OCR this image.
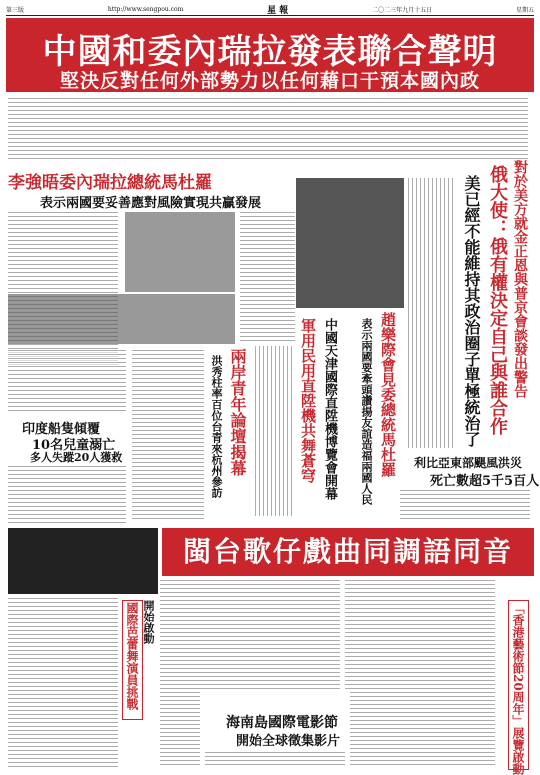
第三版	http://www.sengpou.com	星 報	二〇二三年九月十五日	星期五
中國和委內瑞拉發表聯合聲明
堅決反對任何外部勢力以任何藉口干預本國內政
李強晤委內瑞拉總統馬杜羅
表示兩國要妥善應對風險實現共贏發展	對於美方就金正恩與普京會談發出警告
俄大使：俄有權決定自己與誰合作
美已經不能維持其政治圈子單極統治了
趙樂際會見委總統馬杜羅
表示兩國要牽頭讚揚友誼造福兩國人民
中國天津國際直陞機博覽會開幕
軍用民用直陞機共舞蒼穹
兩岸青年論壇揭幕
洪秀柱率百位台青來杭州參訪
印度船隻傾覆
10名兒童溺亡
多人失蹤20人獲救	利比亞東部颶風洪災
死亡數超5千5百人
閩台歌仔戲曲同調語同音
開始啟動
國際芭蕾舞演員挑戰
海南島國際電影節
開始全球徵集影片	「香港藝術節20周年」展覽啟動
